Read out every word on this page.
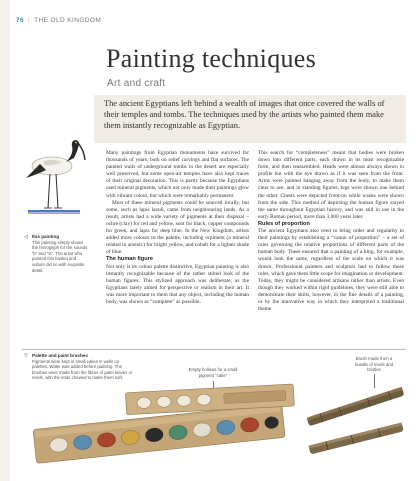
76 | THE OLD KINGDOM
Painting techniques
Art and craft

The ancient Egyptians left behind a wealth of images that once covered the walls of their temples and tombs. The techniques used by the artists who painted them make them instantly recognizable as Egyptian.

◁ Ibis painting
This painting simply shows the hieroglyph for the sounds “b” and “st”. The artist who painted this basket and vulture did so with exquisite detail.

Many paintings from Egyptian monuments have survived for thousands of years, both on relief carvings and flat surfaces. The painted walls of underground tombs in the desert are especially well preserved, but some open-air temples have also kept traces of their original decoration. This is partly because the Egyptians used mineral pigments, which not only made their paintings glow with vibrant colour, but which were remarkably permanent.

Most of these mineral pigments could be sourced locally, but some, such as lapis lazuli, came from neighbouring lands. As a result, artists had a wide variety of pigments at their disposal – ochre (clay) for red and yellow, soot for black, copper compounds for green, and lapis for deep blue. In the New Kingdom, artists added more colours to the palette, including orpiment (a mineral related to arsenic) for bright yellow, and cobalt for a lighter shade of blue.

The human figure

Not only is its colour palette distinctive, Egyptian painting is also instantly recognizable because of the rather stilted look of the human figures. This stylized approach was deliberate, as the Egyptians rarely aimed for perspective or realism in their art. It was more important to them that any object, including the human body, was shown as “complete” as possible.

This search for “completeness” meant that bodies were broken down into different parts, each drawn in its most recognizable form, and then reassembled. Heads were almost always shown in profile but with the eye drawn as if it was seen from the front. Arms were painted hanging away from the body, to make them clear to see, and in standing figures, legs were shown one behind the other. Chests were depicted front-on while waists were shown from the side. This method of depicting the human figure stayed the same throughout Egyptian history, and was still in use in the early Roman period, more than 3,000 years later.

Rules of proportion

The ancient Egyptians also tried to bring order and regularity to their paintings by establishing a “canon of proportion” – a set of rules governing the relative proportions of different parts of the human body. These ensured that a painting of a king, for example, would look the same, regardless of the scale on which it was drawn. Professional painters and sculptors had to follow these rules, which gave them little scope for imagination or development. Today, they might be considered artisans rather than artists. Even though they worked within rigid guidelines, they were still able to demonstrate their skills, however, in the fine details of a painting, or by the innovative way in which they interpreted a traditional theme.

▽ Palette and paint brushes
Pigments were kept in small cakes in wells on palettes. Water was added before painting. The brushes were made from the fibres of palm leaves or reeds, with the ends chewed to make them soft.
Empty hollows for a small pigment “cake”
Brush made from a bundle of reeds and bristles
